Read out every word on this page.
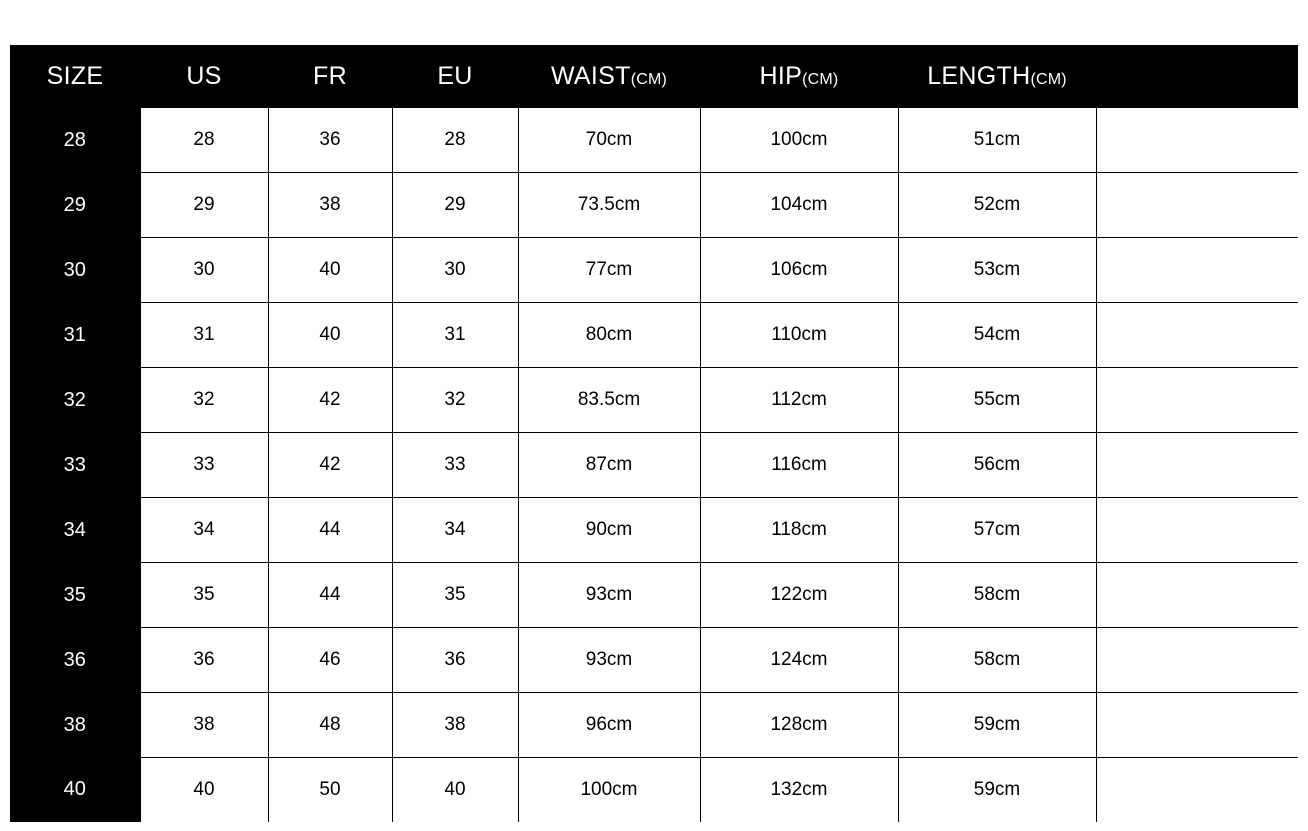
SIZE	US	FR	EU	WAIST(CM)	HIP(CM)	LENGTH(CM)	
28	28	36	28	70cm	100cm	51cm	
29	29	38	29	73.5cm	104cm	52cm	
30	30	40	30	77cm	106cm	53cm	
31	31	40	31	80cm	110cm	54cm	
32	32	42	32	83.5cm	112cm	55cm	
33	33	42	33	87cm	116cm	56cm	
34	34	44	34	90cm	118cm	57cm	
35	35	44	35	93cm	122cm	58cm	
36	36	46	36	93cm	124cm	58cm	
38	38	48	38	96cm	128cm	59cm	
40	40	50	40	100cm	132cm	59cm	
